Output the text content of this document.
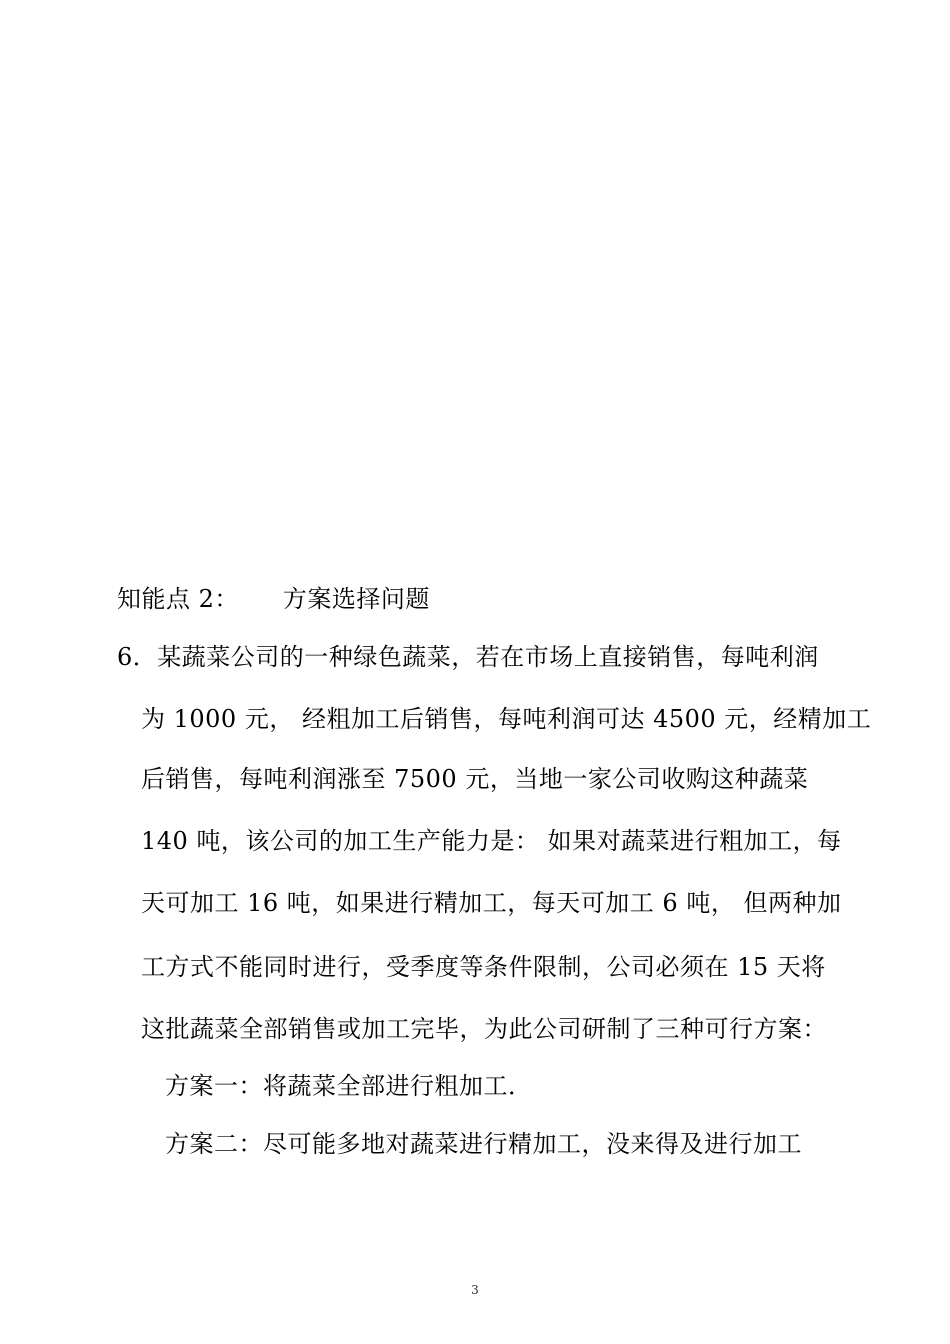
知能点 2： 方案选择问题
6．某蔬菜公司的一种绿色蔬菜，若在市场上直接销售，每吨利润
为 1000 元， 经粗加工后销售，每吨利润可达 4500 元，经精加工
后销售，每吨利润涨至 7500 元，当地一家公司收购这种蔬菜
140 吨，该公司的加工生产能力是： 如果对蔬菜进行粗加工，每
天可加工 16 吨，如果进行精加工，每天可加工 6 吨， 但两种加
工方式不能同时进行，受季度等条件限制，公司必须在 15 天将
这批蔬菜全部销售或加工完毕，为此公司研制了三种可行方案：
方案一：将蔬菜全部进行粗加工．
方案二：尽可能多地对蔬菜进行精加工，没来得及进行加工
3
